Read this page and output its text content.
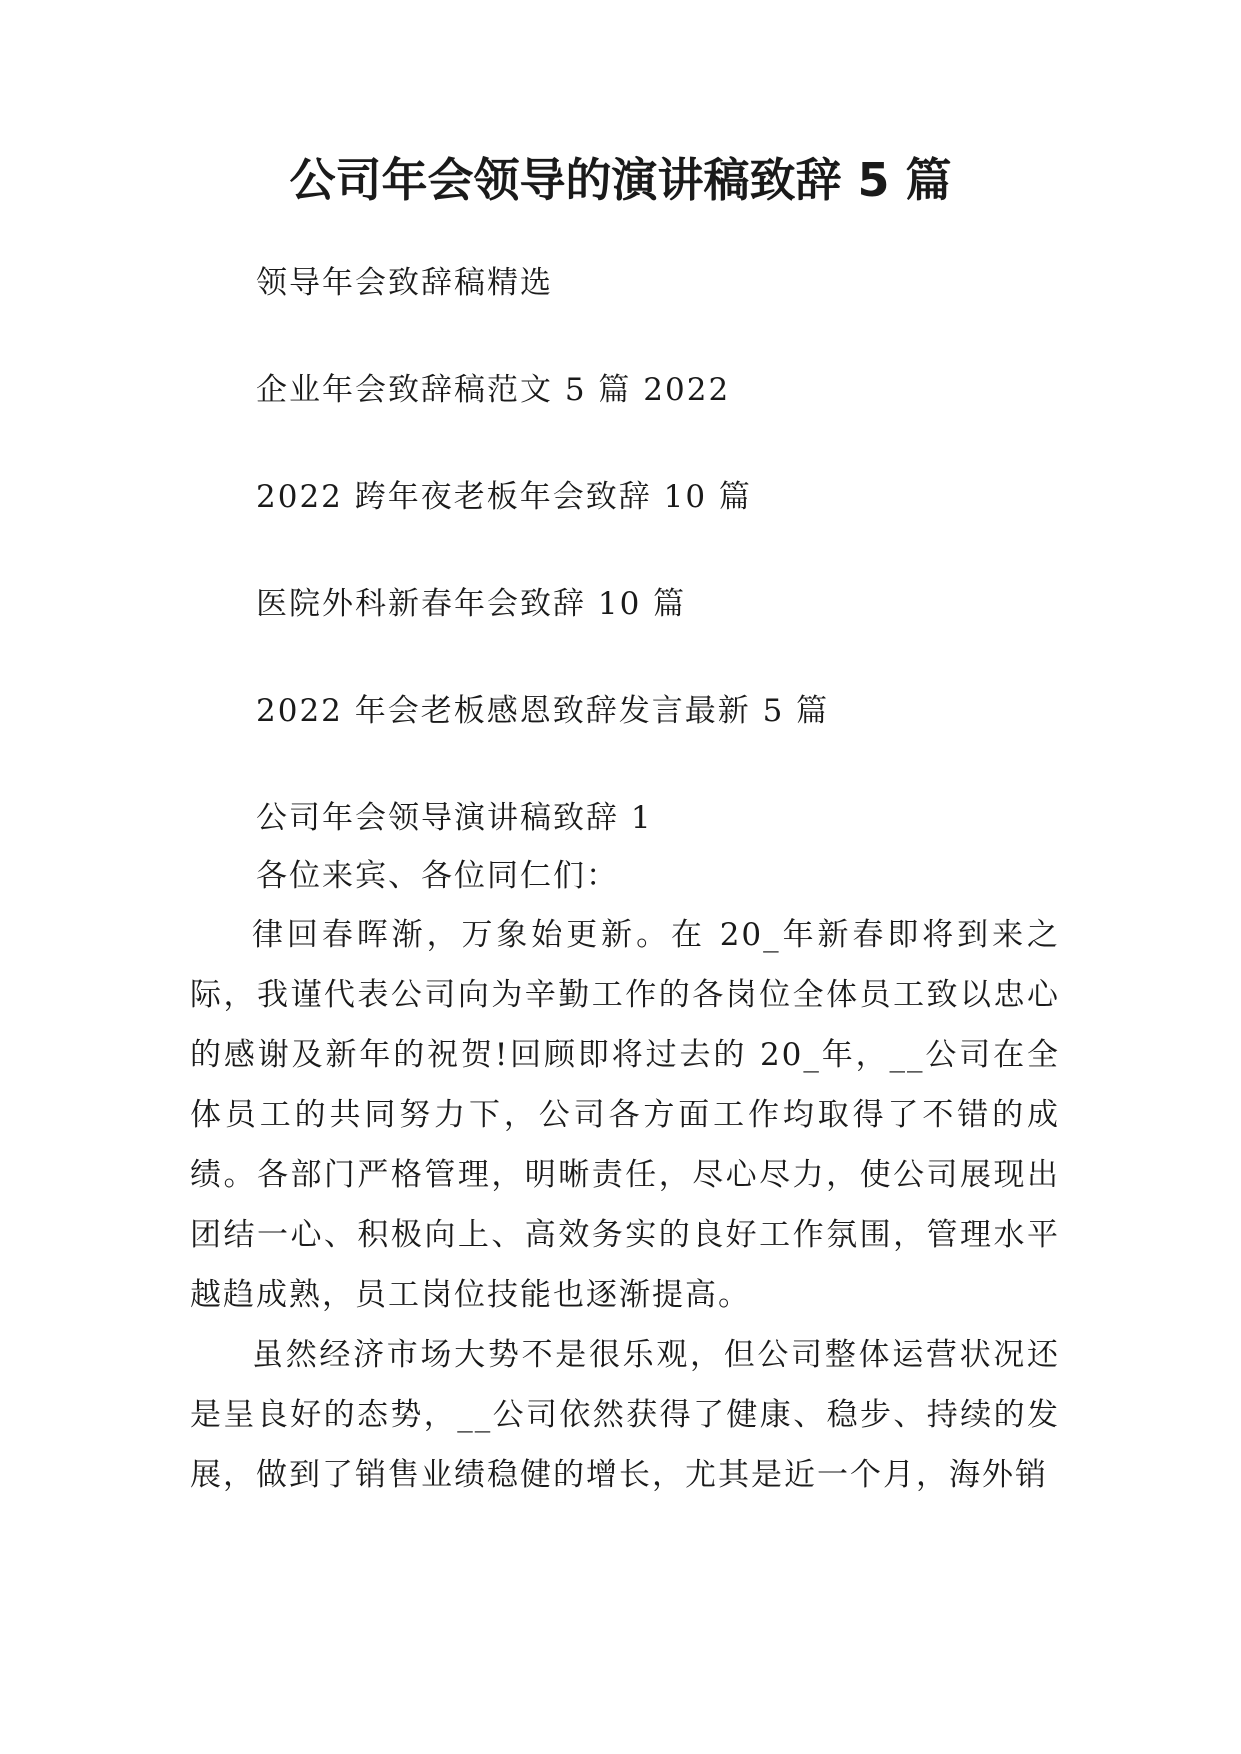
公司年会领导的演讲稿致辞 5 篇
领导年会致辞稿精选
企业年会致辞稿范文 5 篇 2022
2022 跨年夜老板年会致辞 10 篇
医院外科新春年会致辞 10 篇
2022 年会老板感恩致辞发言最新 5 篇
公司年会领导演讲稿致辞 1
各位来宾、各位同仁们：

律回春晖渐，万象始更新。在 20_年新春即将到来之际，我谨代表公司向为辛勤工作的各岗位全体员工致以忠心的感谢及新年的祝贺!回顾即将过去的 20_年，__公司在全体员工的共同努力下，公司各方面工作均取得了不错的成绩。各部门严格管理，明晰责任，尽心尽力，使公司展现出团结一心、积极向上、高效务实的良好工作氛围，管理水平越趋成熟，员工岗位技能也逐渐提高。

虽然经济市场大势不是很乐观，但公司整体运营状况还是呈良好的态势，__公司依然获得了健康、稳步、持续的发展，做到了销售业绩稳健的增长，尤其是近一个月，海外销
